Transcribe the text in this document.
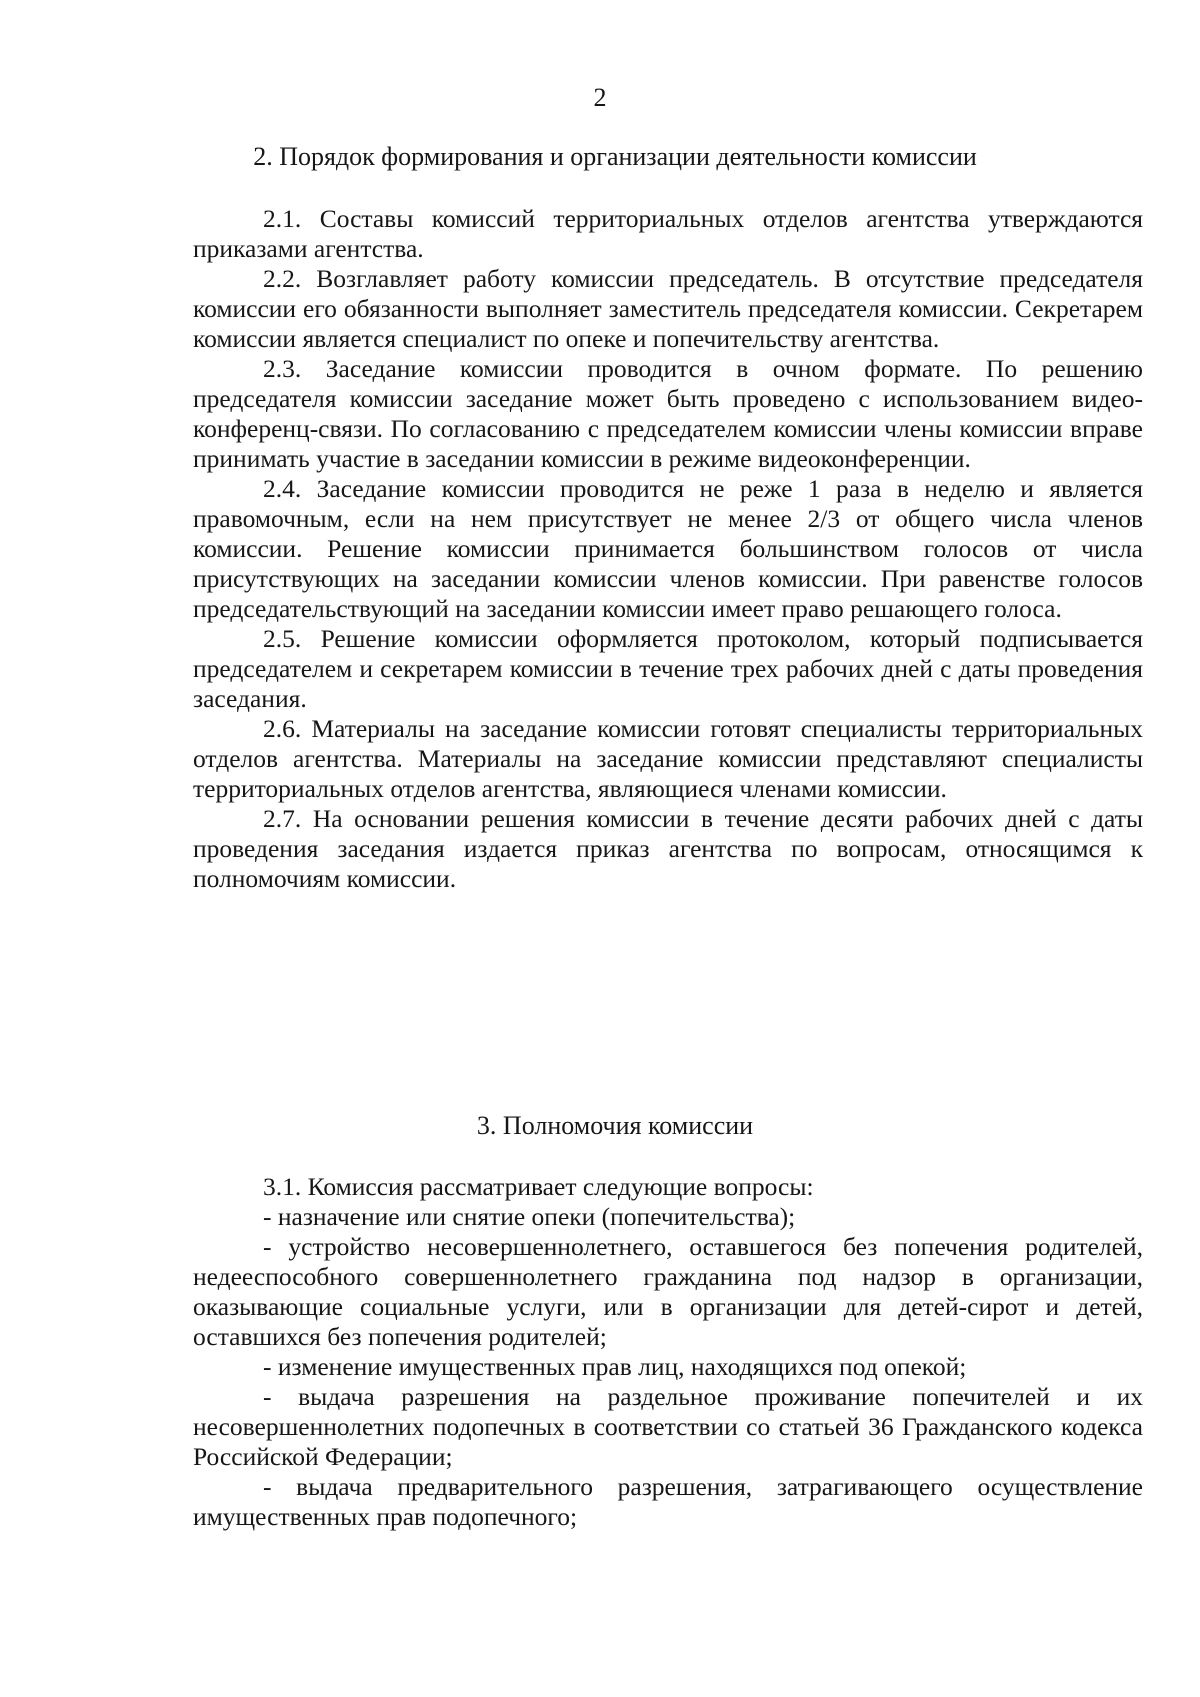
2
2. Порядок формирования и организации деятельности комиссии

2.1. Составы комиссий территориальных отделов агентства утверждаются приказами агентства.

2.2. Возглавляет работу комиссии председатель. В отсутствие председателя комиссии его обязанности выполняет заместитель председателя комиссии. Секретарем комиссии является специалист по опеке и попечительству агентства.

2.3. Заседание комиссии проводится в очном формате. По решению председателя комиссии заседание может быть проведено с использованием видео-конференц-связи. По согласованию с председателем комиссии члены комиссии вправе принимать участие в заседании комиссии в режиме видеоконференции.

2.4. Заседание комиссии проводится не реже 1 раза в неделю и является правомочным, если на нем присутствует не менее 2/3 от общего числа членов комиссии. Решение комиссии принимается большинством голосов от числа присутствующих на заседании комиссии членов комиссии. При равенстве голосов председательствующий на заседании комиссии имеет право решающего голоса.

2.5. Решение комиссии оформляется протоколом, который подписывается председателем и секретарем комиссии в течение трех рабочих дней с даты проведения заседания.

2.6. Материалы на заседание комиссии готовят специалисты территориальных отделов агентства. Материалы на заседание комиссии представляют специалисты территориальных отделов агентства, являющиеся членами комиссии.

2.7. На основании решения комиссии в течение десяти рабочих дней с даты проведения заседания издается приказ агентства по вопросам, относящимся к полномочиям комиссии.

3. Полномочия комиссии

3.1. Комиссия рассматривает следующие вопросы:

- назначение или снятие опеки (попечительства);

- устройство несовершеннолетнего, оставшегося без попечения родителей, недееспособного совершеннолетнего гражданина под надзор в организации, оказывающие социальные услуги, или в организации для детей-сирот и детей, оставшихся без попечения родителей;

- изменение имущественных прав лиц, находящихся под опекой;

- выдача разрешения на раздельное проживание попечителей и их несовершеннолетних подопечных в соответствии со статьей 36 Гражданского кодекса Российской Федерации;

- выдача предварительного разрешения, затрагивающего осуществление имущественных прав подопечного;
